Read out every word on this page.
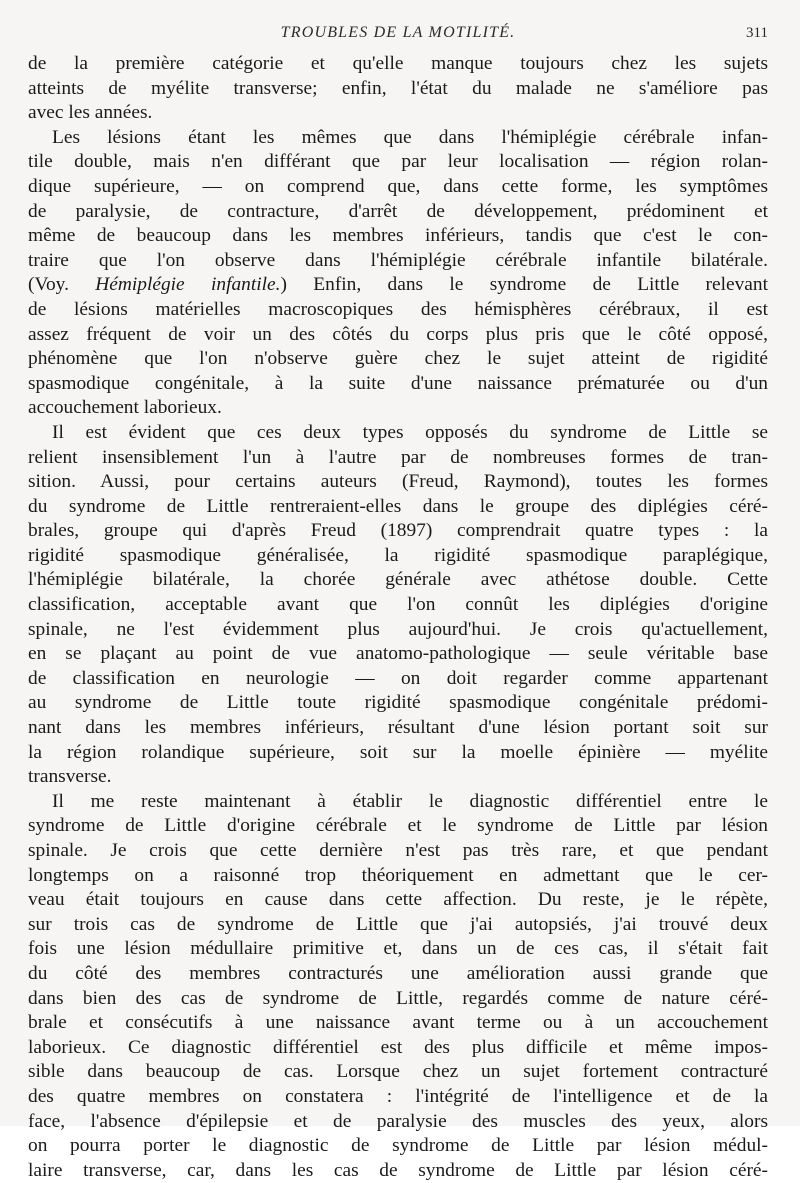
TROUBLES DE LA MOTILITÉ.	311
de la première catégorie et qu'elle manque toujours chez les sujets
atteints de myélite transverse; enfin, l'état du malade ne s'améliore pas
avec les années.
Les lésions étant les mêmes que dans l'hémiplégie cérébrale infan-
tile double, mais n'en différant que par leur localisation — région rolan-
dique supérieure, — on comprend que, dans cette forme, les symptômes
de paralysie, de contracture, d'arrêt de développement, prédominent et
même de beaucoup dans les membres inférieurs, tandis que c'est le con-
traire que l'on observe dans l'hémiplégie cérébrale infantile bilatérale.
(Voy. Hémiplégie infantile.) Enfin, dans le syndrome de Little relevant
de lésions matérielles macroscopiques des hémisphères cérébraux, il est
assez fréquent de voir un des côtés du corps plus pris que le côté opposé,
phénomène que l'on n'observe guère chez le sujet atteint de rigidité
spasmodique congénitale, à la suite d'une naissance prématurée ou d'un
accouchement laborieux.
Il est évident que ces deux types opposés du syndrome de Little se
relient insensiblement l'un à l'autre par de nombreuses formes de tran-
sition. Aussi, pour certains auteurs (Freud, Raymond), toutes les formes
du syndrome de Little rentreraient-elles dans le groupe des diplégies céré-
brales, groupe qui d'après Freud (1897) comprendrait quatre types : la
rigidité spasmodique généralisée, la rigidité spasmodique paraplégique,
l'hémiplégie bilatérale, la chorée générale avec athétose double. Cette
classification, acceptable avant que l'on connût les diplégies d'origine
spinale, ne l'est évidemment plus aujourd'hui. Je crois qu'actuellement,
en se plaçant au point de vue anatomo-pathologique — seule véritable base
de classification en neurologie — on doit regarder comme appartenant
au syndrome de Little toute rigidité spasmodique congénitale prédomi-
nant dans les membres inférieurs, résultant d'une lésion portant soit sur
la région rolandique supérieure, soit sur la moelle épinière — myélite
transverse.
Il me reste maintenant à établir le diagnostic différentiel entre le
syndrome de Little d'origine cérébrale et le syndrome de Little par lésion
spinale. Je crois que cette dernière n'est pas très rare, et que pendant
longtemps on a raisonné trop théoriquement en admettant que le cer-
veau était toujours en cause dans cette affection. Du reste, je le répète,
sur trois cas de syndrome de Little que j'ai autopsiés, j'ai trouvé deux
fois une lésion médullaire primitive et, dans un de ces cas, il s'était fait
du côté des membres contracturés une amélioration aussi grande que
dans bien des cas de syndrome de Little, regardés comme de nature céré-
brale et consécutifs à une naissance avant terme ou à un accouchement
laborieux. Ce diagnostic différentiel est des plus difficile et même impos-
sible dans beaucoup de cas. Lorsque chez un sujet fortement contracturé
des quatre membres on constatera : l'intégrité de l'intelligence et de la
face, l'absence d'épilepsie et de paralysie des muscles des yeux, alors
on pourra porter le diagnostic de syndrome de Little par lésion médul-
laire transverse, car, dans les cas de syndrome de Little par lésion céré-
